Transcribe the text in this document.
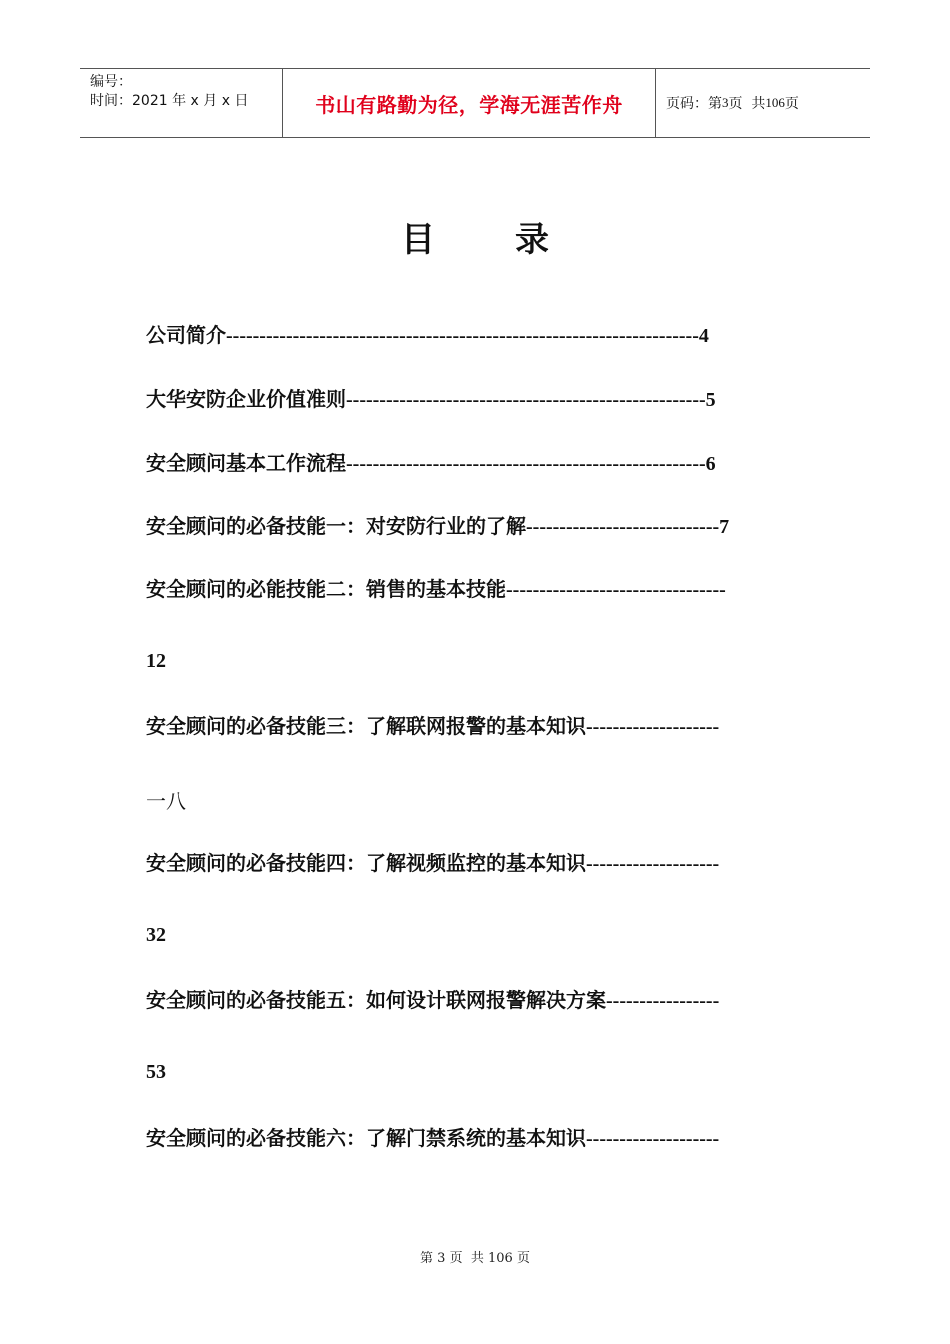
编号：
时间：2021 年 x 月 x 日	书山有路勤为径，学海无涯苦作舟	页码：第 3 页  共 106 页
目 录
公司简介-----------------------------------------------------------------------4
大华安防企业价值准则------------------------------------------------------5
安全顾问基本工作流程------------------------------------------------------6
安全顾问的必备技能一：对安防行业的了解-----------------------------7
安全顾问的必能技能二：销售的基本技能---------------------------------
12
安全顾问的必备技能三：了解联网报警的基本知识--------------------
一八
安全顾问的必备技能四：了解视频监控的基本知识--------------------
32
安全顾问的必备技能五：如何设计联网报警解决方案-----------------
53
安全顾问的必备技能六：了解门禁系统的基本知识--------------------
第 3 页  共 106 页
